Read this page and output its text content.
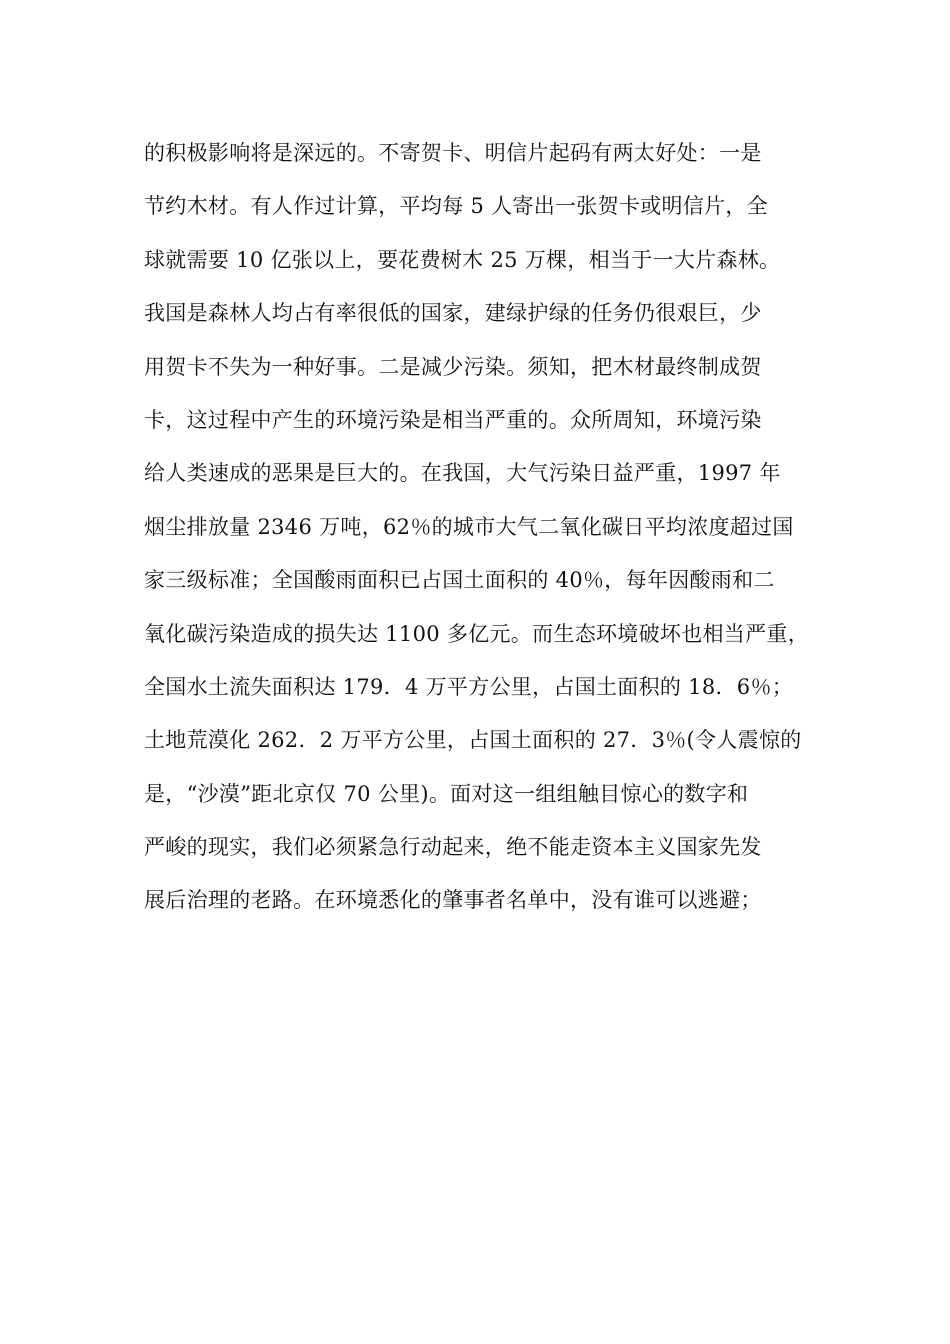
的积极影响将是深远的。不寄贺卡、明信片起码有两太好处：一是
节约木材。有人作过计算，平均每 5 人寄出一张贺卡或明信片，全
球就需要 10 亿张以上，要花费树木 25 万棵，相当于一大片森林。
我国是森林人均占有率很低的国家，建绿护绿的任务仍很艰巨，少
用贺卡不失为一种好事。二是减少污染。须知，把木材最终制成贺
卡，这过程中产生的环境污染是相当严重的。众所周知，环境污染
给人类速成的恶果是巨大的。在我国，大气污染日益严重，1997 年
烟尘排放量 2346 万吨，62％的城市大气二氧化碳日平均浓度超过国
家三级标准；全国酸雨面积已占国土面积的 40％，每年因酸雨和二
氧化碳污染造成的损失达 1100 多亿元。而生态环境破坏也相当严重，
全国水土流失面积达 179．4 万平方公里，占国土面积的 18．6％；
土地荒漠化 262．2 万平方公里，占国土面积的 27．3％(令人震惊的
是，“沙漠”距北京仅 70 公里)。面对这一组组触目惊心的数字和
严峻的现实，我们必须紧急行动起来，绝不能走资本主义国家先发
展后治理的老路。在环境悉化的肇事者名单中，没有谁可以逃避；
